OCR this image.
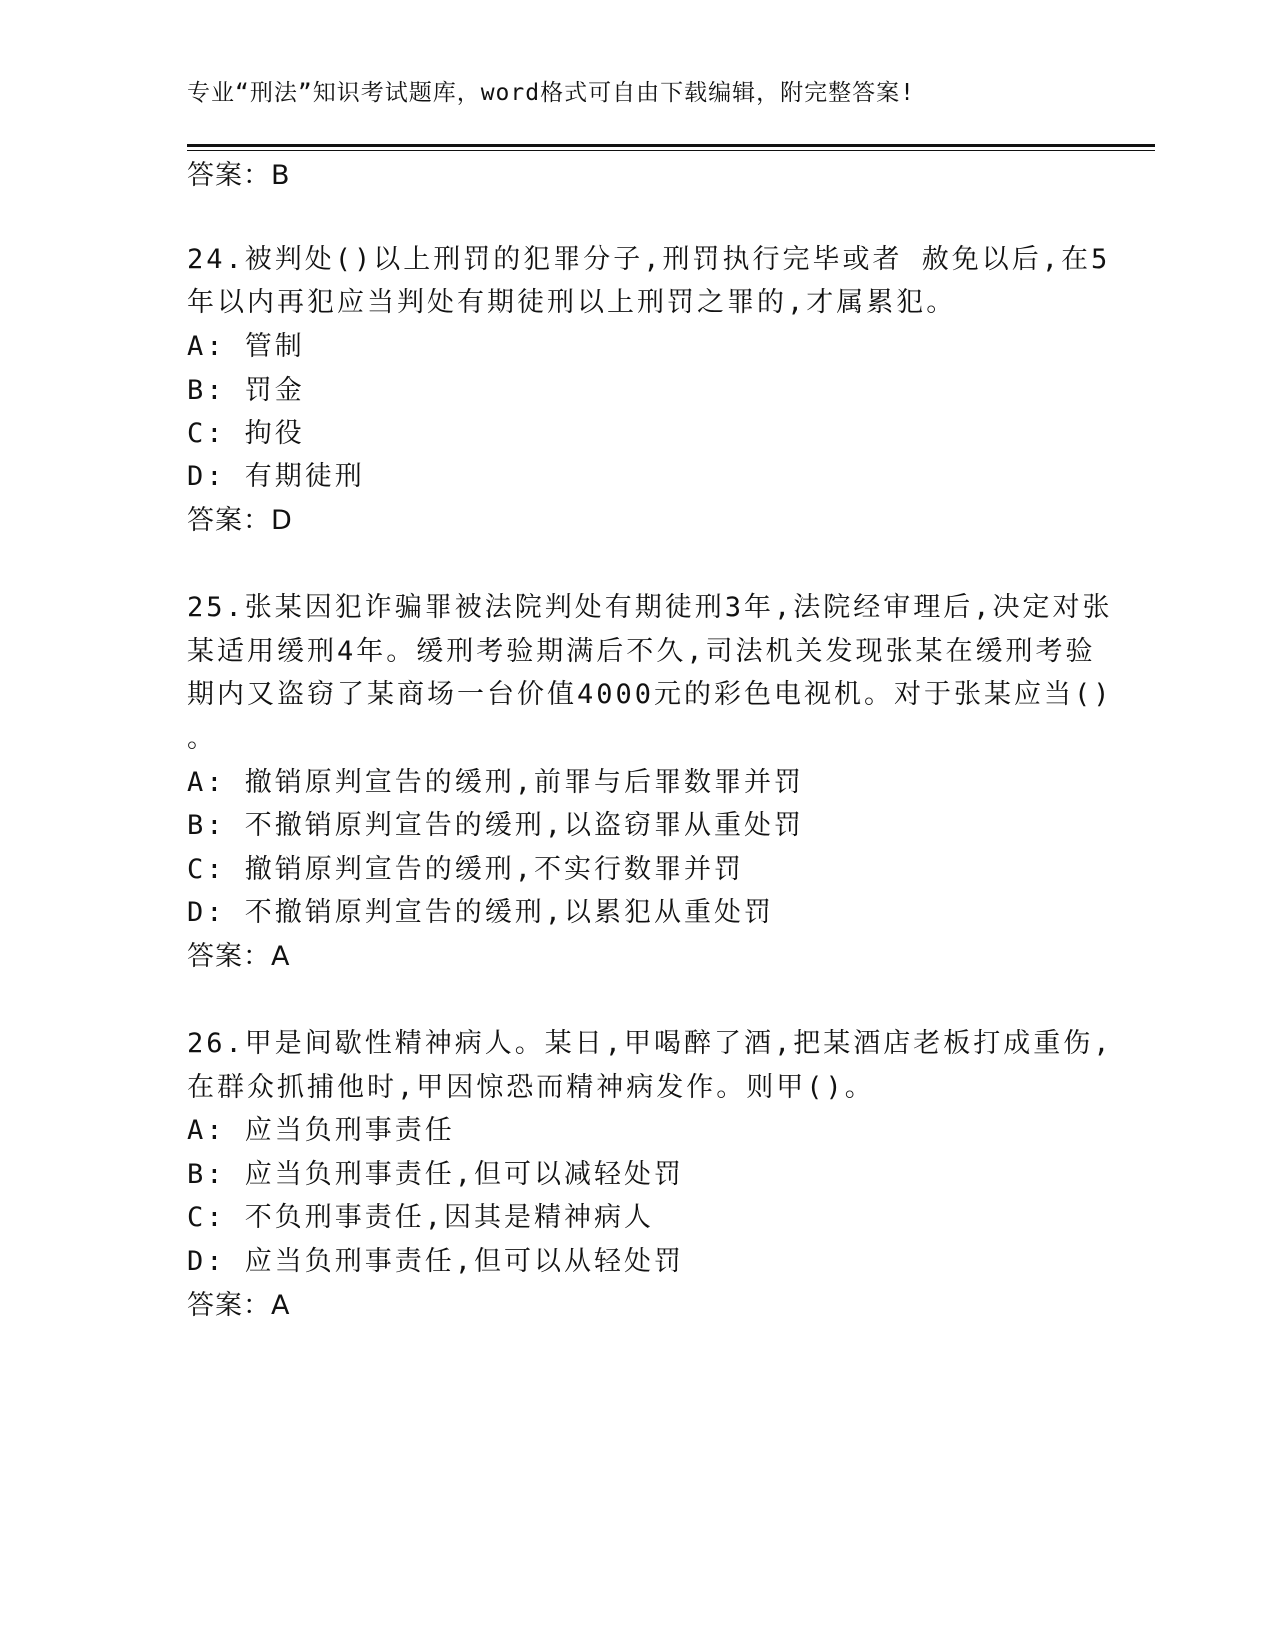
专业“刑法”知识考试题库，word格式可自由下载编辑，附完整答案!
答案：B
24.被判处()以上刑罚的犯罪分子,刑罚执行完毕或者 赦免以后,在5
年以内再犯应当判处有期徒刑以上刑罚之罪的,才属累犯。
A: 管制
B: 罚金
C: 拘役
D: 有期徒刑
答案：D
25.张某因犯诈骗罪被法院判处有期徒刑3年,法院经审理后,决定对张
某适用缓刑4年。缓刑考验期满后不久,司法机关发现张某在缓刑考验
期内又盗窃了某商场一台价值4000元的彩色电视机。对于张某应当()
。
A: 撤销原判宣告的缓刑,前罪与后罪数罪并罚
B: 不撤销原判宣告的缓刑,以盗窃罪从重处罚
C: 撤销原判宣告的缓刑,不实行数罪并罚
D: 不撤销原判宣告的缓刑,以累犯从重处罚
答案：A
26.甲是间歇性精神病人。某日,甲喝醉了酒,把某酒店老板打成重伤,
在群众抓捕他时,甲因惊恐而精神病发作。则甲()。
A: 应当负刑事责任
B: 应当负刑事责任,但可以减轻处罚
C: 不负刑事责任,因其是精神病人
D: 应当负刑事责任,但可以从轻处罚
答案：A
